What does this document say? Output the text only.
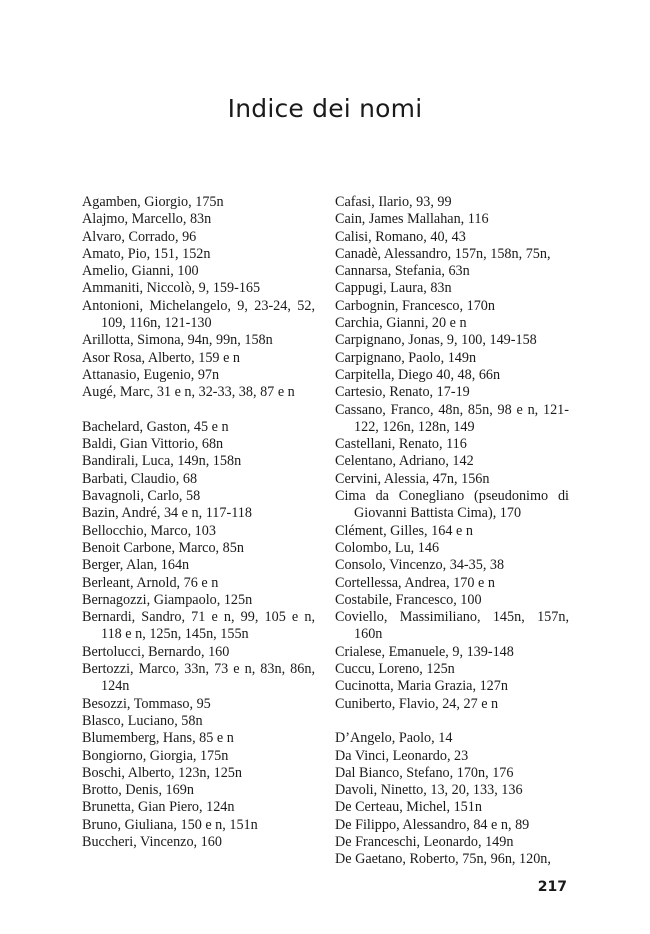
Indice dei nomi
Agamben, Giorgio, 175n
Alajmo, Marcello, 83n
Alvaro, Corrado, 96
Amato, Pio, 151, 152n
Amelio, Gianni, 100
Ammaniti, Niccolò, 9, 159-165
Antonioni, Michelangelo, 9, 23-24, 52, 109, 116n, 121-130
Arillotta, Simona, 94n, 99n, 158n
Asor Rosa, Alberto, 159 e n
Attanasio, Eugenio, 97n
Augé, Marc, 31 e n, 32-33, 38, 87 e n
Bachelard, Gaston, 45 e n
Baldi, Gian Vittorio, 68n
Bandirali, Luca, 149n, 158n
Barbati, Claudio, 68
Bavagnoli, Carlo, 58
Bazin, André, 34 e n, 117-118
Bellocchio, Marco, 103
Benoit Carbone, Marco, 85n
Berger, Alan, 164n
Berleant, Arnold, 76 e n
Bernagozzi, Giampaolo, 125n
Bernardi, Sandro, 71 e n, 99, 105 e n, 118 e n, 125n, 145n, 155n
Bertolucci, Bernardo, 160
Bertozzi, Marco, 33n, 73 e n, 83n, 86n, 124n
Besozzi, Tommaso, 95
Blasco, Luciano, 58n
Blumemberg, Hans, 85 e n
Bongiorno, Giorgia, 175n
Boschi, Alberto, 123n, 125n
Brotto, Denis, 169n
Brunetta, Gian Piero, 124n
Bruno, Giuliana, 150 e n, 151n
Buccheri, Vincenzo, 160
Cafasi, Ilario, 93, 99
Cain, James Mallahan, 116
Calisi, Romano, 40, 43
Canadè, Alessandro, 157n, 158n, 75n,
Cannarsa, Stefania, 63n
Cappugi, Laura, 83n
Carbognin, Francesco, 170n
Carchia, Gianni, 20 e n
Carpignano, Jonas, 9, 100, 149-158
Carpignano, Paolo, 149n
Carpitella, Diego 40, 48, 66n
Cartesio, Renato, 17-19
Cassano, Franco, 48n, 85n, 98 e n, 121-122, 126n, 128n, 149
Castellani, Renato, 116
Celentano, Adriano, 142
Cervini, Alessia, 47n, 156n
Cima da Conegliano (pseudonimo di Giovanni Battista Cima), 170
Clément, Gilles, 164 e n
Colombo, Lu, 146
Consolo, Vincenzo, 34-35, 38
Cortellessa, Andrea, 170 e n
Costabile, Francesco, 100
Coviello, Massimiliano, 145n, 157n, 160n
Crialese, Emanuele, 9, 139-148
Cuccu, Loreno, 125n
Cucinotta, Maria Grazia, 127n
Cuniberto, Flavio, 24, 27 e n
D’Angelo, Paolo, 14
Da Vinci, Leonardo, 23
Dal Bianco, Stefano, 170n, 176
Davoli, Ninetto, 13, 20, 133, 136
De Certeau, Michel, 151n
De Filippo, Alessandro, 84 e n, 89
De Franceschi, Leonardo, 149n
De Gaetano, Roberto, 75n, 96n, 120n,
217
